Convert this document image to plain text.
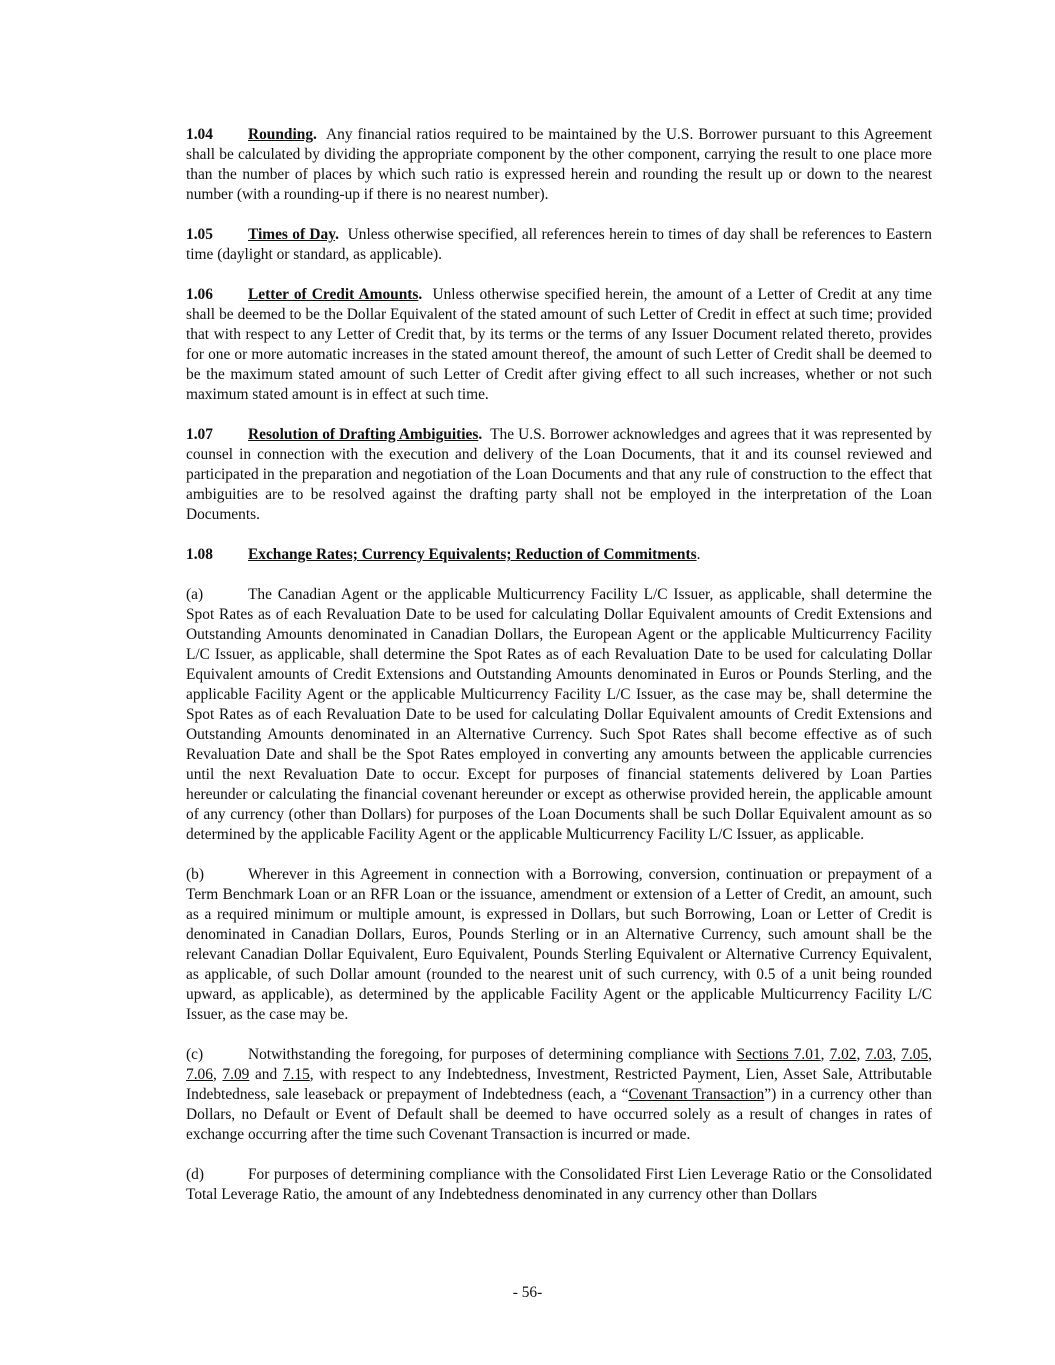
1.04 Rounding. Any financial ratios required to be maintained by the U.S. Borrower pursuant to this Agreement shall be calculated by dividing the appropriate component by the other component, carrying the result to one place more than the number of places by which such ratio is expressed herein and rounding the result up or down to the nearest number (with a rounding-up if there is no nearest number).

1.05 Times of Day. Unless otherwise specified, all references herein to times of day shall be references to Eastern time (daylight or standard, as applicable).

1.06 Letter of Credit Amounts. Unless otherwise specified herein, the amount of a Letter of Credit at any time shall be deemed to be the Dollar Equivalent of the stated amount of such Letter of Credit in effect at such time; provided that with respect to any Letter of Credit that, by its terms or the terms of any Issuer Document related thereto, provides for one or more automatic increases in the stated amount thereof, the amount of such Letter of Credit shall be deemed to be the maximum stated amount of such Letter of Credit after giving effect to all such increases, whether or not such maximum stated amount is in effect at such time.

1.07 Resolution of Drafting Ambiguities. The U.S. Borrower acknowledges and agrees that it was represented by counsel in connection with the execution and delivery of the Loan Documents, that it and its counsel reviewed and participated in the preparation and negotiation of the Loan Documents and that any rule of construction to the effect that ambiguities are to be resolved against the drafting party shall not be employed in the interpretation of the Loan Documents.

1.08 Exchange Rates; Currency Equivalents; Reduction of Commitments.

(a)	The Canadian Agent or the applicable Multicurrency Facility L/C Issuer, as applicable, shall determine the Spot Rates as of each Revaluation Date to be used for calculating Dollar Equivalent amounts of Credit Extensions and Outstanding Amounts denominated in Canadian Dollars, the European Agent or the applicable Multicurrency Facility L/C Issuer, as applicable, shall determine the Spot Rates as of each Revaluation Date to be used for calculating Dollar Equivalent amounts of Credit Extensions and Outstanding Amounts denominated in Euros or Pounds Sterling, and the applicable Facility Agent or the applicable Multicurrency Facility L/C Issuer, as the case may be, shall determine the Spot Rates as of each Revaluation Date to be used for calculating Dollar Equivalent amounts of Credit Extensions and Outstanding Amounts denominated in an Alternative Currency. Such Spot Rates shall become effective as of such Revaluation Date and shall be the Spot Rates employed in converting any amounts between the applicable currencies until the next Revaluation Date to occur. Except for purposes of financial statements delivered by Loan Parties hereunder or calculating the financial covenant hereunder or except as otherwise provided herein, the applicable amount of any currency (other than Dollars) for purposes of the Loan Documents shall be such Dollar Equivalent amount as so determined by the applicable Facility Agent or the applicable Multicurrency Facility L/C Issuer, as applicable.

(b)	Wherever in this Agreement in connection with a Borrowing, conversion, continuation or prepayment of a Term Benchmark Loan or an RFR Loan or the issuance, amendment or extension of a Letter of Credit, an amount, such as a required minimum or multiple amount, is expressed in Dollars, but such Borrowing, Loan or Letter of Credit is denominated in Canadian Dollars, Euros, Pounds Sterling or in an Alternative Currency, such amount shall be the relevant Canadian Dollar Equivalent, Euro Equivalent, Pounds Sterling Equivalent or Alternative Currency Equivalent, as applicable, of such Dollar amount (rounded to the nearest unit of such currency, with 0.5 of a unit being rounded upward, as applicable), as determined by the applicable Facility Agent or the applicable Multicurrency Facility L/C Issuer, as the case may be.

(c)	Notwithstanding the foregoing, for purposes of determining compliance with Sections 7.01, 7.02, 7.03, 7.05, 7.06, 7.09 and 7.15, with respect to any Indebtedness, Investment, Restricted Payment, Lien, Asset Sale, Attributable Indebtedness, sale leaseback or prepayment of Indebtedness (each, a “Covenant Transaction”) in a currency other than Dollars, no Default or Event of Default shall be deemed to have occurred solely as a result of changes in rates of exchange occurring after the time such Covenant Transaction is incurred or made.

(d)	For purposes of determining compliance with the Consolidated First Lien Leverage Ratio or the Consolidated Total Leverage Ratio, the amount of any Indebtedness denominated in any currency other than Dollars

- 56-
